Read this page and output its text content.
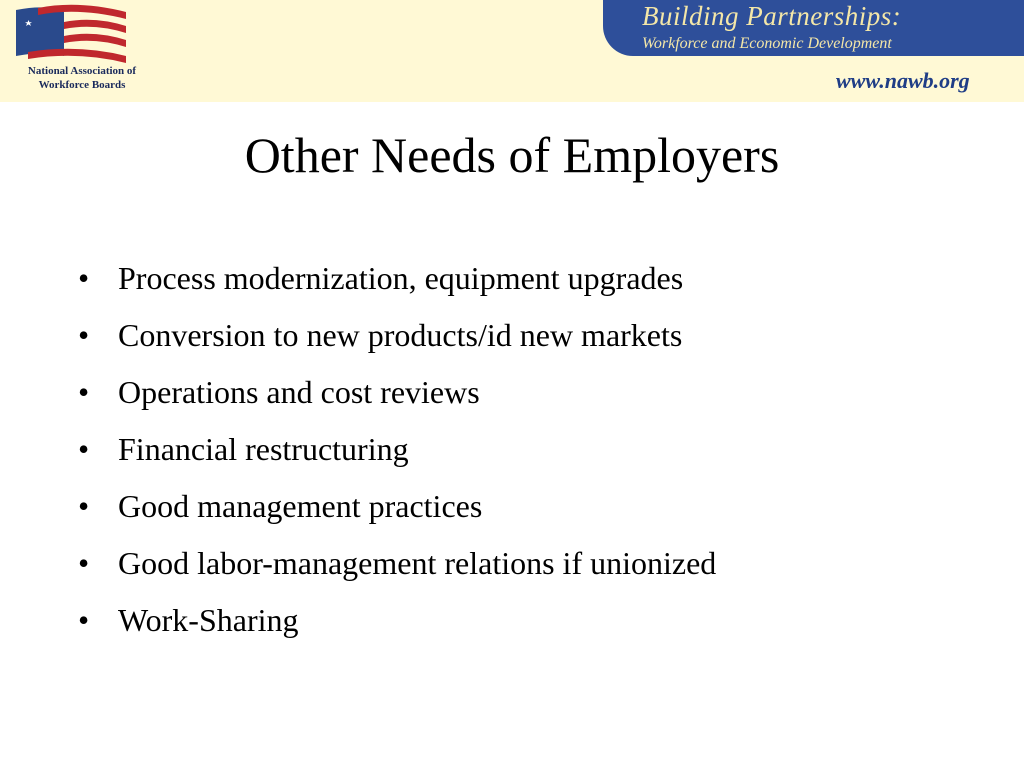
National Association of
Workforce Boards
Building Partnerships:
Workforce and Economic Development
www.nawb.org
Other Needs of Employers
• Process modernization, equipment upgrades
• Conversion to new products/id new markets
• Operations and cost reviews
• Financial restructuring
• Good management practices
• Good labor-management relations if unionized
• Work-Sharing
